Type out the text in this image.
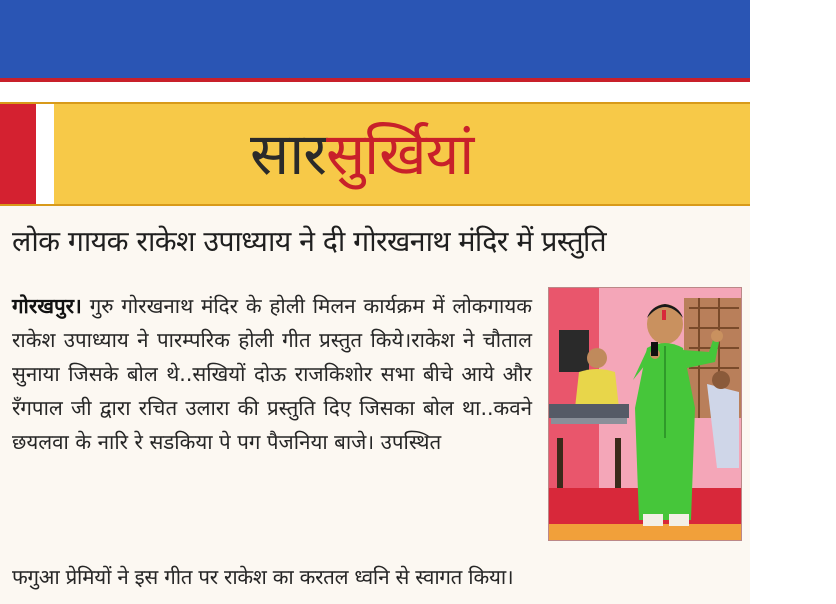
सारसुर्खियां
लोक गायक राकेश उपाध्याय ने दी गोरखनाथ मंदिर में प्रस्तुति

गोरखपुर। गुरु गोरखनाथ मंदिर के होली मिलन कार्यक्रम में लोकगायक राकेश उपाध्याय ने पारम्परिक होली गीत प्रस्तुत किये।राकेश ने चौताल सुनाया जिसके बोल थे..सखियों दोऊ राजकिशोर सभा बीचे आये और रँगपाल जी द्वारा रचित उलारा की प्रस्तुति दिए जिसका बोल था..कवने छयलवा के नारि रे सडकिया पे पग पैजनिया बाजे। उपस्थित

फगुआ प्रेमियों ने इस गीत पर राकेश का करतल ध्वनि से स्वागत किया।
